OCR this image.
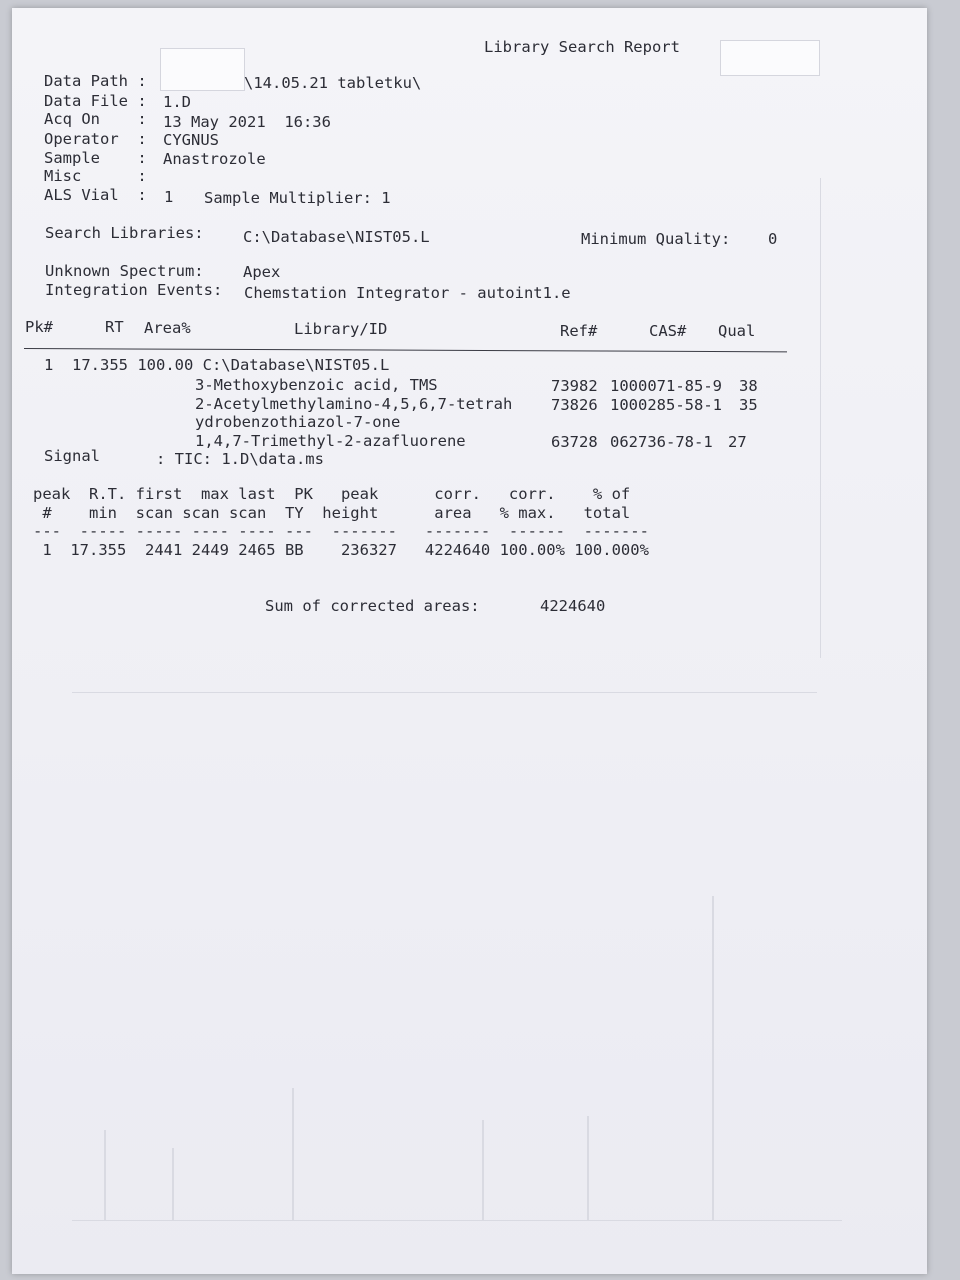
Library Search Report
Data Path :	\14.05.21 tabletku\
Data File : 1.D
Acq On    : 13 May 2021  16:36
Operator  : CYGNUS
Sample    : Anastrozole
Misc      :
ALS Vial  : 1 Sample Multiplier: 1
Search Libraries:	C:\Database\NIST05.L	Minimum Quality: 0
Unknown Spectrum:	Apex
Integration Events: Chemstation Integrator - autoint1.e
Pk#	RT Area%	Library/ID	Ref#	CAS# Qual
1  17.355 100.00 C:\Database\NIST05.L
3-Methoxybenzoic acid, TMS	73982 1000071-85-9 38
2-Acetylmethylamino-4,5,6,7-tetrah 73826 1000285-58-1 35
ydrobenzothiazol-7-one
1,4,7-Trimethyl-2-azafluorene	63728 062736-78-1 27
Signal	: TIC: 1.D\data.ms
peak  R.T. first  max last  PK   peak      corr.   corr.    % of
#    min  scan scan scan  TY  height      area   % max.   total
---  ----- ----- ---- ---- ---  -------   -------  ------  -------
1  17.355  2441 2449 2465 BB    236327   4224640 100.00% 100.000%
Sum of corrected areas:	4224640
